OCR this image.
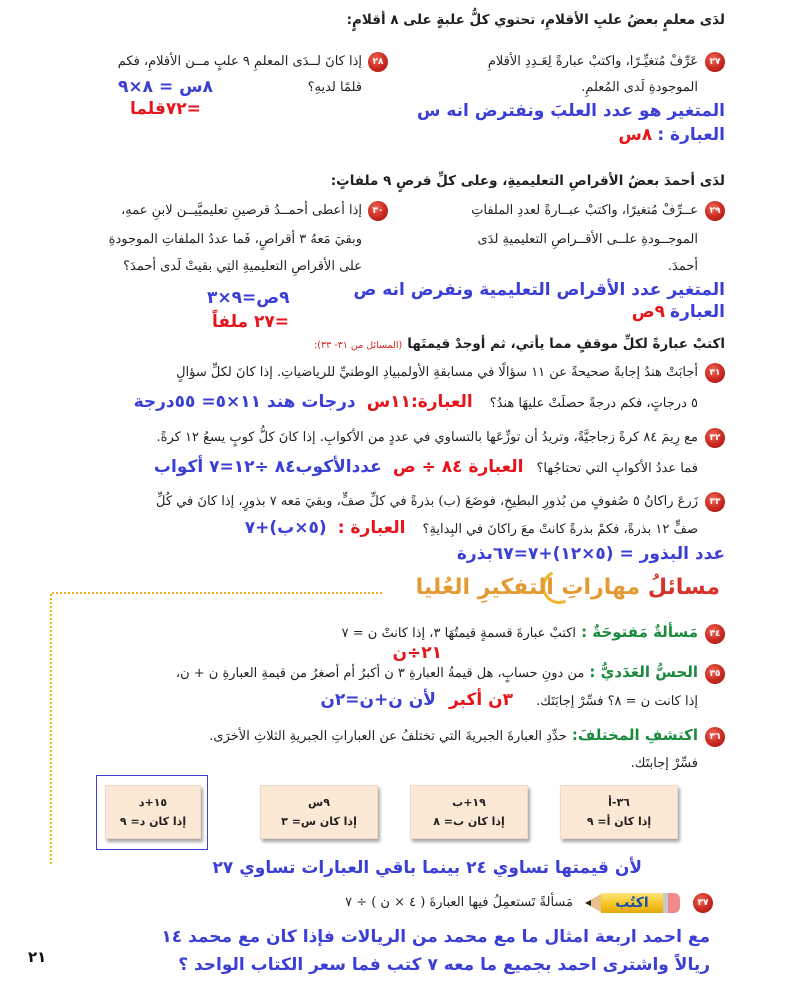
لدَى معلمٍ بعضُ علبِ الأقلامِ، تحتوي كلُّ علبةٍ على ٨ أقلامٍ:
٢٧
عَرِّفْ مُتغيِّـرًا، واكتبْ عبارةً لِعَـدِدِ الأقلامِ
الموجودةِ لَدى المُعلمِ.
٢٨
إذا كانَ لــدَى المعلمِ ٩ علبٍ مــن الأقلامِ، فكم
قلمًا لديهِ؟
٨س = ٨×٩
=٧٢قلما	المتغير هو عدد العلبَ ونفترض انه س
العبارة : ٨س
لدَى أحمدَ بعضُ الأقراصِ التعليميةِ، وعلى كلِّ قرصٍ ٩ ملفاتٍ:
٢٩
عــرِّفْ مُتغيرًا، واكتبْ عبــارةً لعددِ الملفاتِ
الموجــودةِ علــى الأقــراصِ التعليميةِ لدَى
أحمدَ.
٣٠
إذا أعطى أحمــدُ قرصينِ تعليميَّيــن لابنِ عمهِ،
وبقيَ مَعهُ ٣ أقراصٍ، فَما عددُ الملفاتِ الموجودةِ
على الأقراصِ التعليميةِ التِي بقيتْ لَدى أحمدَ؟
المتغير عدد الأقراص التعليمية ونفرض انه ص
العبارة ٩ص
٩ص=٩×٣
=٢٧ ملفاً
اكتبْ عبارةً لكلِّ موقفٍ مما يأتي، ثم أوجدْ قيمتَها (المسائل من ٣١- ٣٣):
٣١
أجابَتْ هندُ إجابةً صحيحةً عن ١١ سؤالًا في مسابقةِ الأولمبيادِ الوطنيِّ للرياضياتِ. إذا كانَ لكلِّ سؤالٍ
٥ درجاتٍ، فكم درجةً حصلَتْ عليهَا هندُ؟ العبارة:١١س درجات هند ١١×٥= ٥٥درجة
٣٢
مع رِيمَ ٨٤ كرةً زجاجيَّةً، وتريدُ أن توزِّعَها بالتساوي في عددٍ من الأكوابِ. إذا كانَ كلُّ كوبٍ يسعُ ١٢ كرةً.
فما عددُ الأكوابِ التي تحتاجُها؟ العبارة ٨٤ ÷ ص عددالأكوب٨٤ ÷١٢=٧ أكواب
٣٣
زَرعَ راكانُ ٥ صُفوفٍ من بُذورِ البطيخِ، فوضَعَ (ب) بذرةً في كلِّ صفٍّ، وبقيَ مَعه ٧ بذورٍ، إذا كانَ في كُلِّ
صفٍّ ١٢ بذرةً، فكمْ بذرةً كانتْ معَ راكانَ في البِدايةِ؟ العبارة : (٥×ب)+٧
عدد البذور = (٥×١٢)+٧=٦٧بذرة
مسائلُ مهاراتِ التفكيرِ العُليا
٣٤
مَسألةٌ مَفتوحَةٌ : اكتبْ عبارةَ قسمةٍ قيمتُهَا ٣، إذا كانتْ ن = ٧
٢١÷ن
٣٥
الحسُّ العَدَديُّ : من دونِ حسابٍ، هل قيمةُ العبارةِ ٣ ن أكبرُ أم أصغرُ من قيمةِ العبارةِ ن + ن،
إذا كانت ن = ٨؟ فسِّرْ إجابَتَك. ٣ن أكبر لأن ن+ن=٢ن
٣٦
اكتشفِ المختلفَ: حدِّدِ العبارةَ الجبريةَ التي تختلفُ عن العباراتِ الجبريةِ الثلاثِ الأخرَى.
فسِّرْ إجابتَك.
٣٦-أ
إذا كان أ= ٩
١٩+ب
إذا كان ب= ٨
٩س
إذا كان س= ٣
١٥+د
إذا كان د= ٩
لأن قيمتها تساوي ٢٤ بينما باقي العبارات تساوي ٢٧
٣٧
اكتُب
مَسألةً تَستعمِلُ فيها العبارةَ ( ٤ × ن ) ÷ ٧
مع احمد اربعة امثال ما مع محمد من الريالات فإذا كان مع محمد ١٤
ريالاً واشترى احمد بجميع ما معه ٧ كتب فما سعر الكتاب الواحد ؟
٢١
